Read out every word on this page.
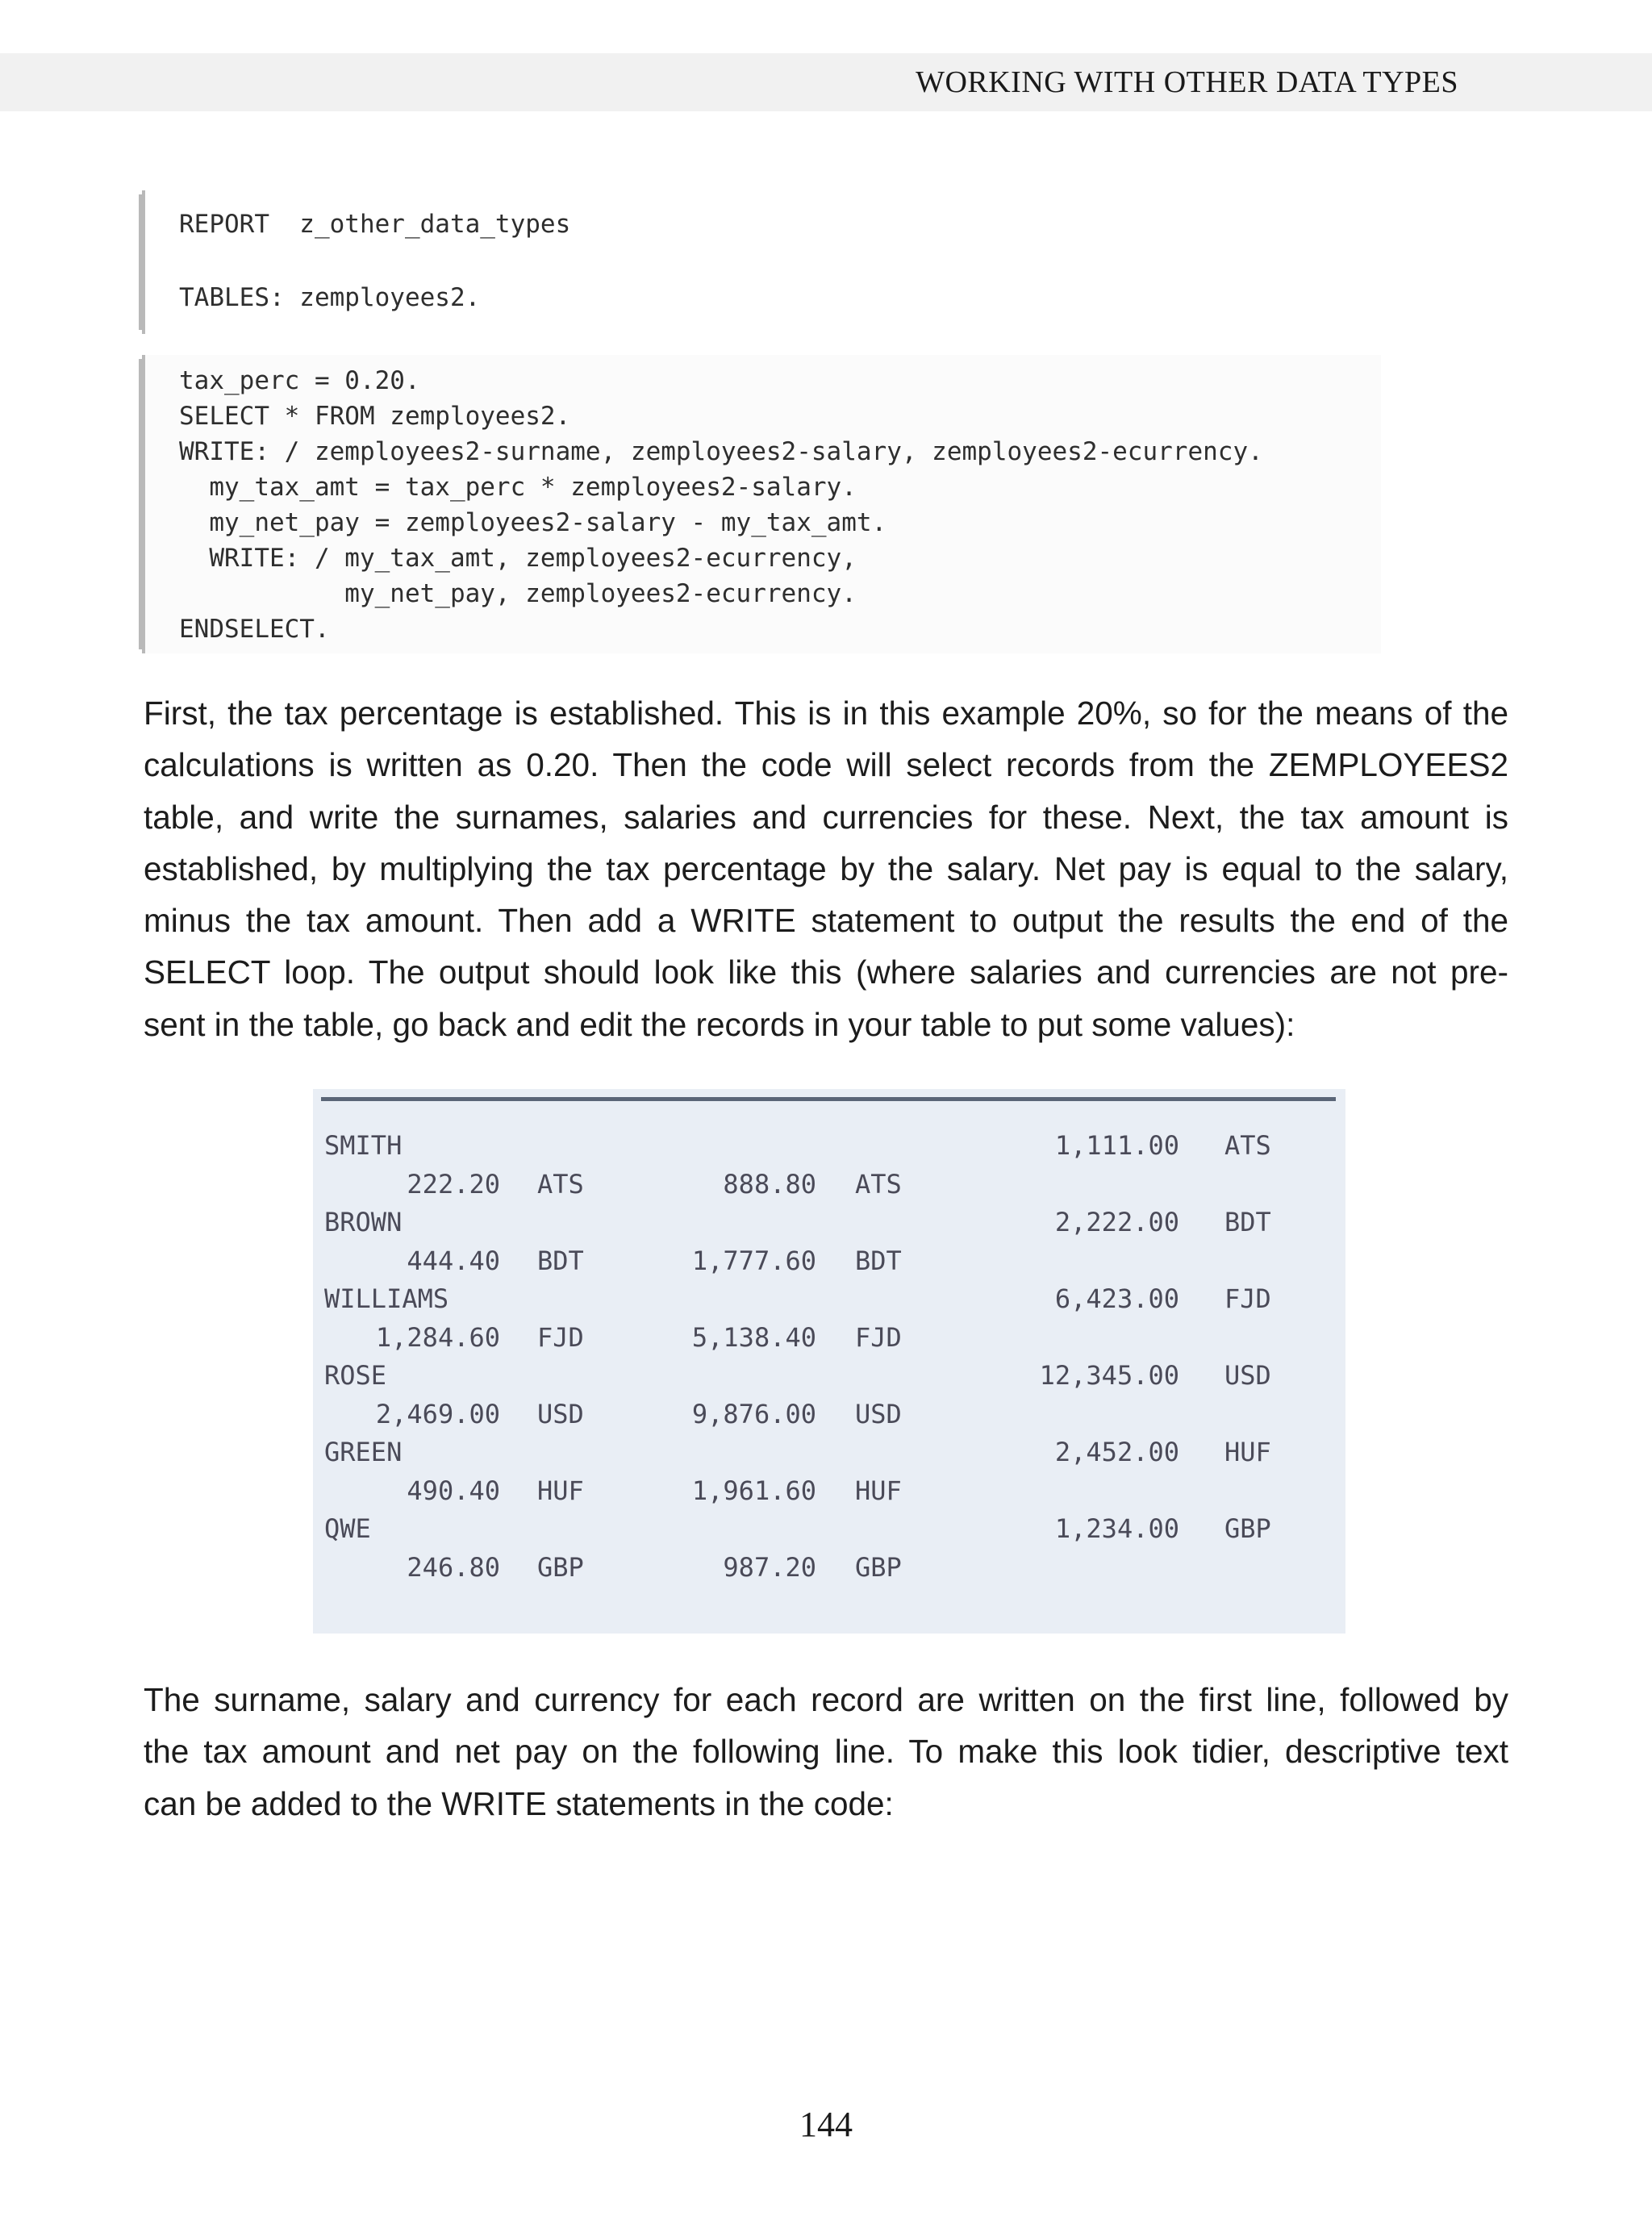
WORKING WITH OTHER DATA TYPES
REPORT  z_other_data_types
TABLES: zemployees2.
tax_perc = 0.20.
SELECT * FROM zemployees2.
WRITE: / zemployees2-surname, zemployees2-salary, zemployees2-ecurrency.
my_tax_amt = tax_perc * zemployees2-salary.
my_net_pay = zemployees2-salary - my_tax_amt.
WRITE: / my_tax_amt, zemployees2-ecurrency,
my_net_pay, zemployees2-ecurrency.
ENDSELECT.
First, the tax percentage is established. This is in this example 20%, so for the means of the
calculations is written as 0.20. Then the code will select records from the ZEMPLOYEES2
table, and write the surnames, salaries and currencies for these. Next, the tax amount is
established, by multiplying the tax percentage by the salary. Net pay is equal to the salary,
minus the tax amount. Then add a WRITE statement to output the results the end of the
SELECT loop. The output should look like this (where salaries and currencies are not pre-
sent in the table, go back and edit the records in your table to put some values):
SMITH	1,111.00 ATS
222.20 ATS	888.80 ATS
BROWN	2,222.00 BDT
444.40 BDT	1,777.60 BDT
WILLIAMS	6,423.00 FJD
1,284.60 FJD	5,138.40 FJD
ROSE	12,345.00 USD
2,469.00 USD	9,876.00 USD
GREEN	2,452.00 HUF
490.40 HUF	1,961.60 HUF
QWE	1,234.00 GBP
246.80 GBP	987.20 GBP
The surname, salary and currency for each record are written on the first line, followed by
the tax amount and net pay on the following line. To make this look tidier, descriptive text
can be added to the WRITE statements in the code:
144
